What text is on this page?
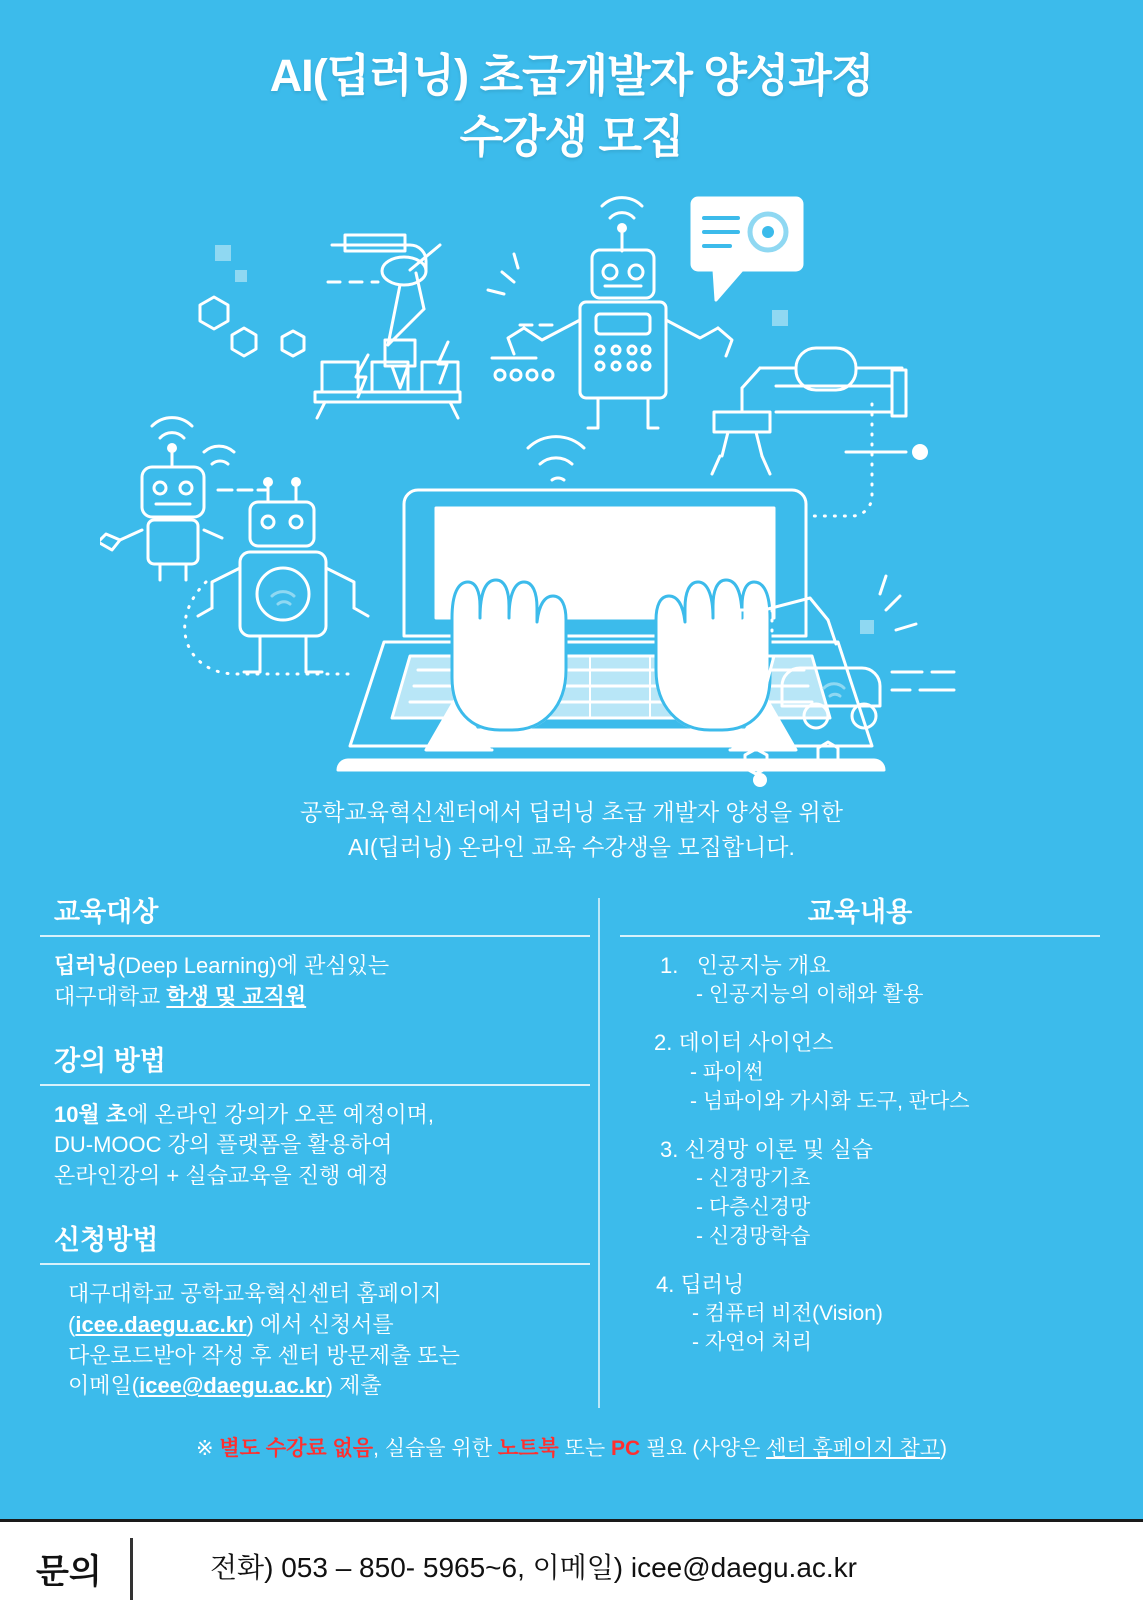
AI(딥러닝) 초급개발자 양성과정
수강생 모집
공학교육혁신센터에서 딥러닝 초급 개발자 양성을 위한
AI(딥러닝) 온라인 교육 수강생을 모집합니다.
교육대상
딥러닝(Deep Learning)에 관심있는
대구대학교 학생 및 교직원
강의 방법
10월 초에 온라인 강의가 오픈 예정이며,
DU-MOOC 강의 플랫폼을 활용하여
온라인강의 + 실습교육을 진행 예정
신청방법
대구대학교 공학교육혁신센터 홈페이지
(icee.daegu.ac.kr) 에서 신청서를
다운로드받아 작성 후 센터 방문제출 또는
이메일(icee@daegu.ac.kr) 제출
교육내용
1. 인공지능 개요
- 인공지능의 이해와 활용
2. 데이터 사이언스
- 파이썬
- 넘파이와 가시화 도구, 판다스
3. 신경망 이론 및 실습
- 신경망기초
- 다층신경망
- 신경망학습
4. 딥러닝
- 컴퓨터 비전(Vision)
- 자연어 처리
※ 별도 수강료 없음, 실습을 위한 노트북 또는 PC 필요 (사양은 센터 홈페이지 참고)
문의	전화) 053 – 850- 5965~6, 이메일) icee@daegu.ac.kr
